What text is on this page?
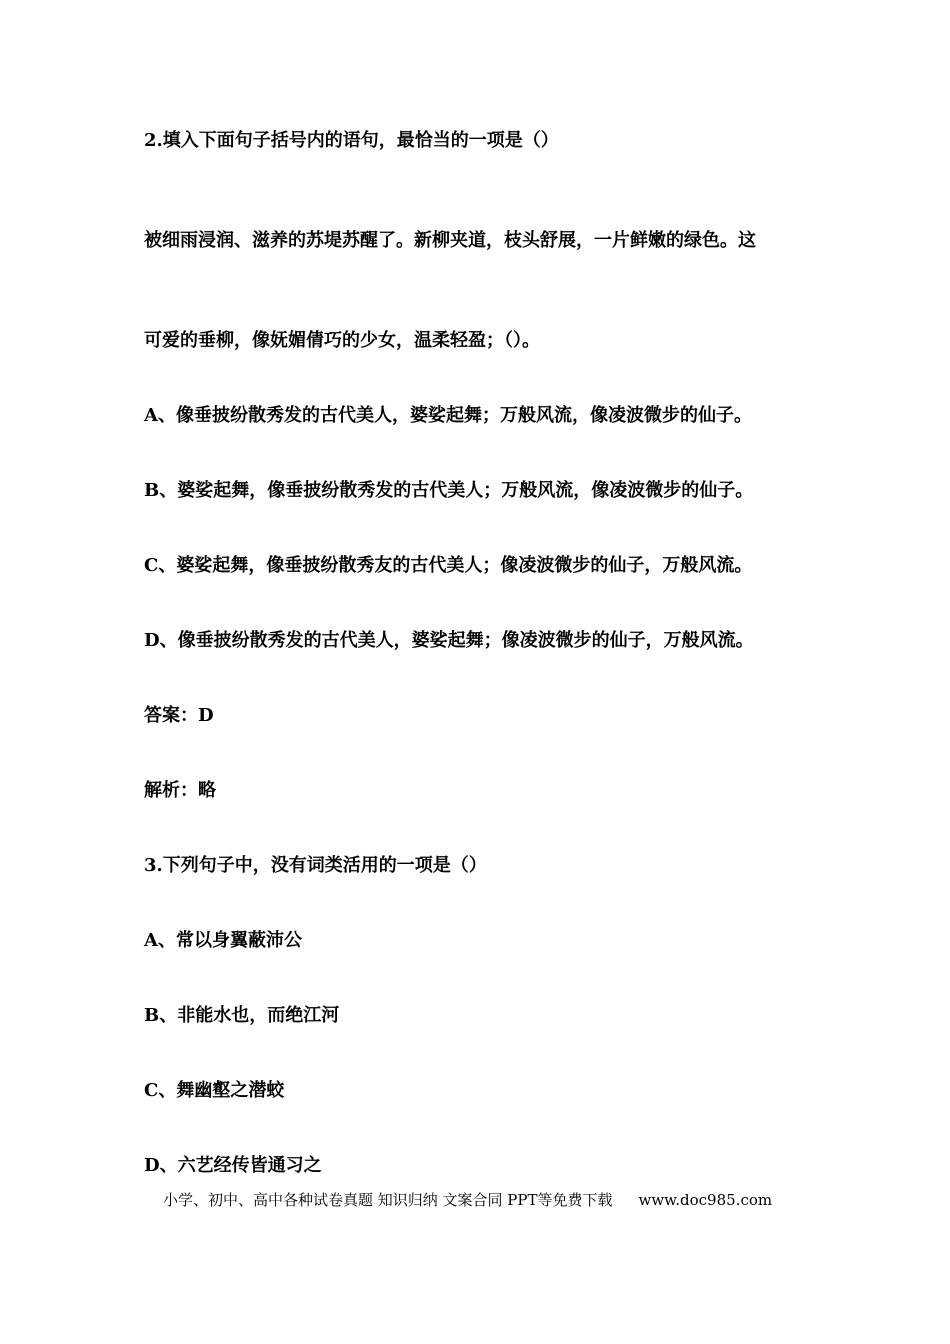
2.填入下面句子括号内的语句，最恰当的一项是（）
被细雨浸润、滋养的苏堤苏醒了。新柳夹道，枝头舒展，一片鲜嫩的绿色。这
可爱的垂柳，像妩媚倩巧的少女，温柔轻盈；（）。
A、像垂披纷散秀发的古代美人，婆娑起舞；万般风流，像凌波微步的仙子。
B、婆娑起舞，像垂披纷散秀发的古代美人；万般风流，像凌波微步的仙子。
C、婆娑起舞，像垂披纷散秀友的古代美人；像凌波微步的仙子，万般风流。
D、像垂披纷散秀发的古代美人，婆娑起舞；像凌波微步的仙子，万般风流。
答案：D
解析：略
3.下列句子中，没有词类活用的一项是（）
A、常以身翼蔽沛公
B、非能水也，而绝江河
C、舞幽壑之潜蛟
D、六艺经传皆通习之
小学、初中、高中各种试卷真题 知识归纳 文案合同 PPT等免费下载 www.doc985.com
